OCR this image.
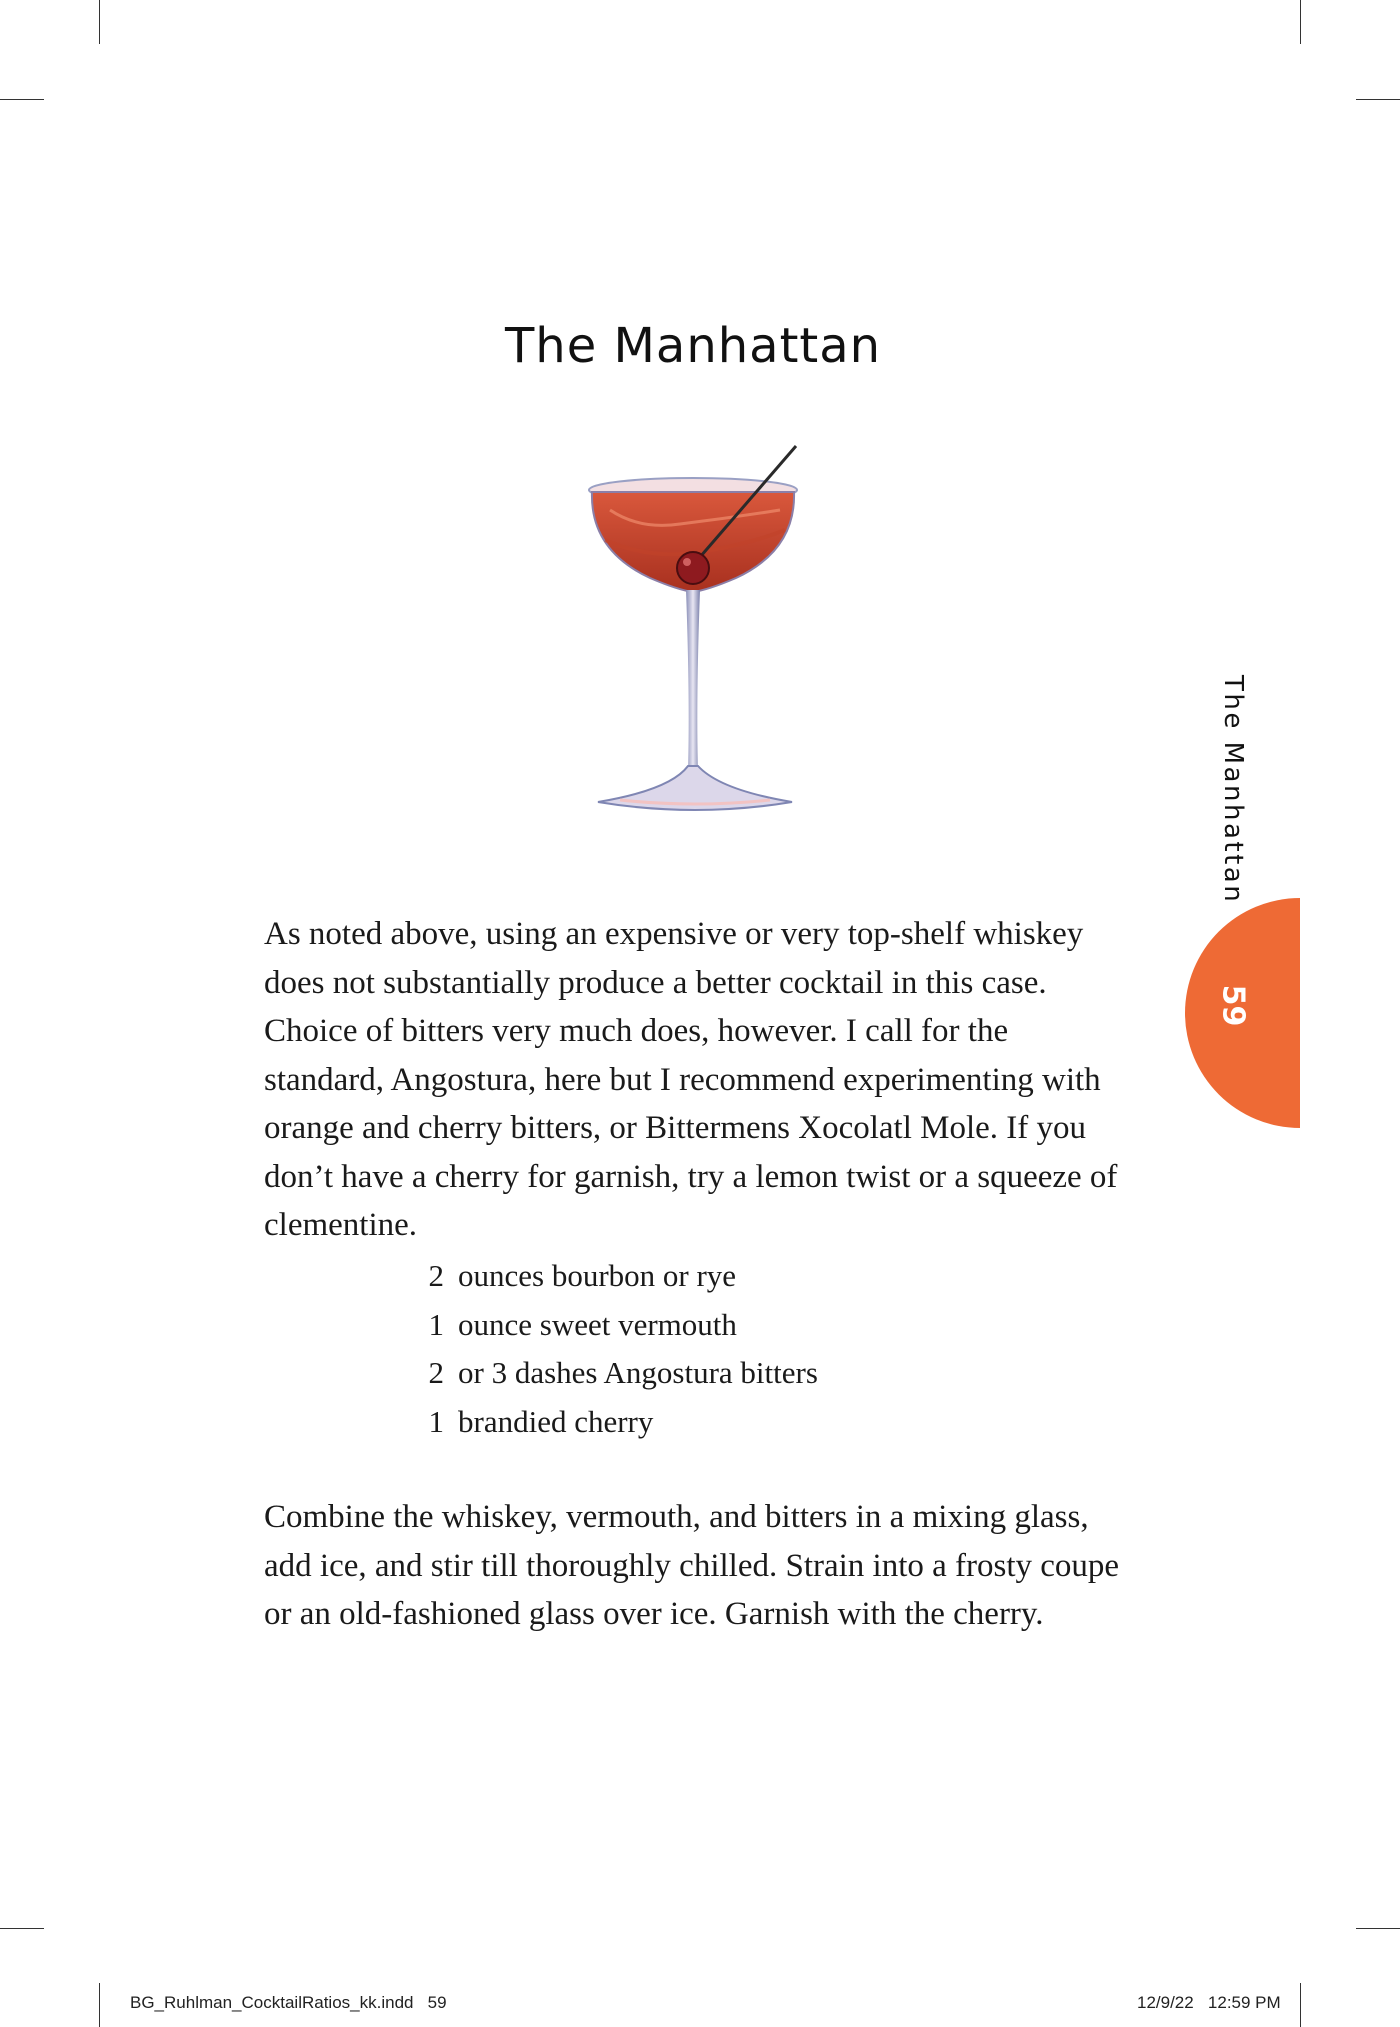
The Manhattan
The Manhattan
59

As noted above, using an expensive or very top-shelf whiskey does not substantially produce a better cocktail in this case. Choice of bitters very much does, however. I call for the standard, Angostura, here but I recommend experimenting with orange and cherry bitters, or Bittermens Xocolatl Mole. If you don’t have a cherry for garnish, try a lemon twist or a squeeze of clementine.

2 ounces bourbon or rye
1 ounce sweet vermouth
2 or 3 dashes Angostura bitters
1 brandied cherry

Combine the whiskey, vermouth, and bitters in a mixing glass, add ice, and stir till thoroughly chilled. Strain into a frosty coupe or an old-fashioned glass over ice. Garnish with the cherry.

BG_Ruhlman_CocktailRatios_kk.indd 59	12/9/22 12:59 PM
